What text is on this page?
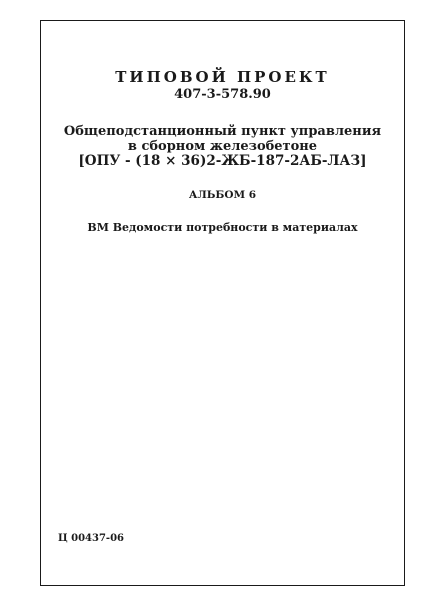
ТИПОВОЙ ПРОЕКТ
407-3-578.90
Общеподстанционный пункт управления
в сборном железобетоне
[ОПУ - (18 × 36)2-ЖБ-187-2АБ-ЛАЗ]
АЛЬБОМ 6
ВМ Ведомости потребности в материалах
Ц 00437-06
